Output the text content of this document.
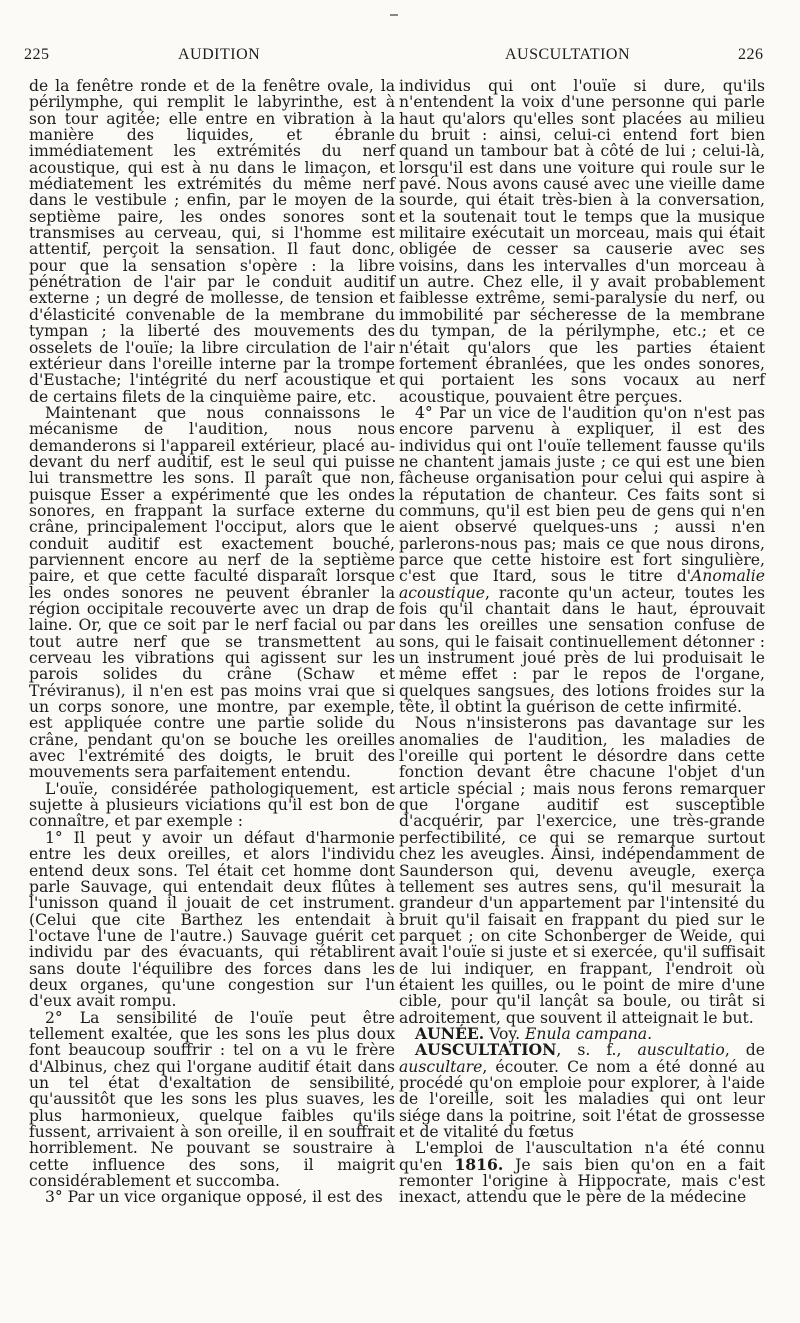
225	AUDITION	AUSCULTATION	226

de la fenêtre ronde et de la fenêtre ovale, la périlymphe, qui remplit le labyrinthe, est à son tour agitée; elle entre en vibration à la manière des liquides, et ébranle immédiatement les extrémités du nerf acoustique, qui est à nu dans le limaçon, et médiatement les extrémités du même nerf dans le vestibule ; enfin, par le moyen de la septième paire, les ondes sonores sont transmises au cerveau, qui, si l'homme est attentif, perçoit la sensation. Il faut donc, pour que la sensation s'opère : la libre pénétration de l'air par le conduit auditif externe ; un degré de mollesse, de tension et d'élasticité convenable de la membrane du tympan ; la liberté des mouvements des osselets de l'ouïe; la libre circulation de l'air extérieur dans l'oreille interne par la trompe d'Eustache; l'intégrité du nerf acoustique et de certains filets de la cinquième paire, etc.

Maintenant que nous connaissons le mécanisme de l'audition, nous nous demanderons si l'appareil extérieur, placé au-devant du nerf auditif, est le seul qui puisse lui transmettre les sons. Il paraît que non, puisque Esser a expérimenté que les ondes sonores, en frappant la surface externe du crâne, principalement l'occiput, alors que le conduit auditif est exactement bouché, parviennent encore au nerf de la septième paire, et que cette faculté disparaît lorsque les ondes sonores ne peuvent ébranler la région occipitale recouverte avec un drap de laine. Or, que ce soit par le nerf facial ou par tout autre nerf que se transmettent au cerveau les vibrations qui agissent sur les parois solides du crâne (Schaw et Tréviranus), il n'en est pas moins vrai que si un corps sonore, une montre, par exemple, est appliquée contre une partie solide du crâne, pendant qu'on se bouche les oreilles avec l'extrémité des doigts, le bruit des mouvements sera parfaitement entendu.

L'ouïe, considérée pathologiquement, est sujette à plusieurs viciations qu'il est bon de connaître, et par exemple :

1° Il peut y avoir un défaut d'harmonie entre les deux oreilles, et alors l'individu entend deux sons. Tel était cet homme dont parle Sauvage, qui entendait deux flûtes à l'unisson quand il jouait de cet instrument. (Celui que cite Barthez les entendait à l'octave l'une de l'autre.) Sauvage guérit cet individu par des évacuants, qui rétablirent sans doute l'équilibre des forces dans les deux organes, qu'une congestion sur l'un d'eux avait rompu.

2° La sensibilité de l'ouïe peut être tellement exaltée, que les sons les plus doux font beaucoup souffrir : tel on a vu le frère d'Albinus, chez qui l'organe auditif était dans un tel état d'exaltation de sensibilité, qu'aussitôt que les sons les plus suaves, les plus harmonieux, quelque faibles qu'ils fussent, arrivaient à son oreille, il en souffrait horriblement. Ne pouvant se soustraire à cette influence des sons, il maigrit considérablement et succomba.

3° Par un vice organique opposé, il est des

individus qui ont l'ouïe si dure, qu'ils n'entendent la voix d'une personne qui parle haut qu'alors qu'elles sont placées au milieu du bruit : ainsi, celui-ci entend fort bien quand un tambour bat à côté de lui ; celui-là, lorsqu'il est dans une voiture qui roule sur le pavé. Nous avons causé avec une vieille dame sourde, qui était très-bien à la conversation, et la soutenait tout le temps que la musique militaire exécutait un morceau, mais qui était obligée de cesser sa causerie avec ses voisins, dans les intervalles d'un morceau à un autre. Chez elle, il y avait probablement faiblesse extrême, semi-paralysie du nerf, ou immobilité par sécheresse de la membrane du tympan, de la périlymphe, etc.; et ce n'était qu'alors que les parties étaient fortement ébranlées, que les ondes sonores, qui portaient les sons vocaux au nerf acoustique, pouvaient être perçues.

4° Par un vice de l'audition qu'on n'est pas encore parvenu à expliquer, il est des individus qui ont l'ouïe tellement fausse qu'ils ne chantent jamais juste ; ce qui est une bien fâcheuse organisation pour celui qui aspire à la réputation de chanteur. Ces faits sont si communs, qu'il est bien peu de gens qui n'en aient observé quelques-uns ; aussi n'en parlerons-nous pas; mais ce que nous dirons, parce que cette histoire est fort singulière, c'est que Itard, sous le titre d'Anomalie acoustique, raconte qu'un acteur, toutes les fois qu'il chantait dans le haut, éprouvait dans les oreilles une sensation confuse de sons, qui le faisait continuellement détonner : un instrument joué près de lui produisait le même effet : par le repos de l'organe, quelques sangsues, des lotions froides sur la tête, il obtint la guérison de cette infirmité.

Nous n'insisterons pas davantage sur les anomalies de l'audition, les maladies de l'oreille qui portent le désordre dans cette fonction devant être chacune l'objet d'un article spécial ; mais nous ferons remarquer que l'organe auditif est susceptible d'acquérir, par l'exercice, une très-grande perfectibilité, ce qui se remarque surtout chez les aveugles. Ainsi, indépendamment de Saunderson qui, devenu aveugle, exerça tellement ses autres sens, qu'il mesurait la grandeur d'un appartement par l'intensité du bruit qu'il faisait en frappant du pied sur le parquet ; on cite Schonberger de Weide, qui avait l'ouïe si juste et si exercée, qu'il suffisait de lui indiquer, en frappant, l'endroit où étaient les quilles, ou le point de mire d'une cible, pour qu'il lançât sa boule, ou tirât si adroitement, que souvent il atteignait le but.

AUNÉE. Voy. Enula campana.

AUSCULTATION, s. f., auscultatio, de auscultare, écouter. Ce nom a été donné au procédé qu'on emploie pour explorer, à l'aide de l'oreille, soit les maladies qui ont leur siége dans la poitrine, soit l'état de grossesse et de vitalité du fœtus

L'emploi de l'auscultation n'a été connu qu'en 1816. Je sais bien qu'on en a fait remonter l'origine à Hippocrate, mais c'est inexact, attendu que le père de la médecine
